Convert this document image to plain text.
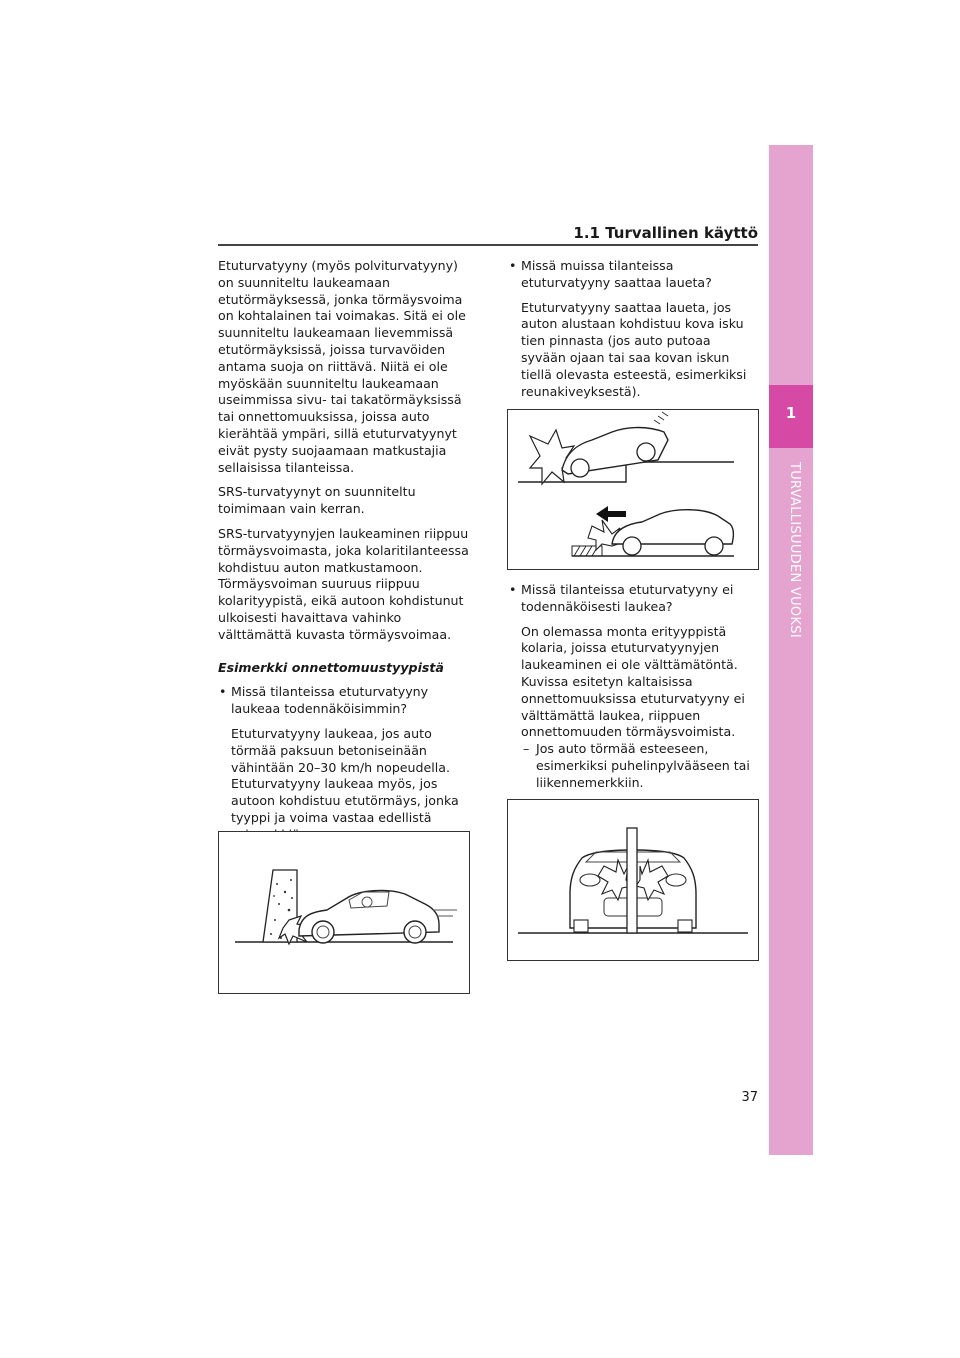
1.1 Turvallinen käyttö
1
TURVALLISUUDEN VUOKSI

Etuturvatyyny (myös polviturvatyyny) on suunniteltu laukeamaan etutörmäyksessä, jonka törmäysvoima on kohtalainen tai voimakas. Sitä ei ole suunniteltu laukeamaan lievemmissä etutörmäyksissä, joissa turvavöiden antama suoja on riittävä. Niitä ei ole myöskään suunniteltu laukeamaan useimmissa sivu- tai takatörmäyksissä tai onnettomuuksissa, joissa auto kierähtää ympäri, sillä etuturvatyynyt eivät pysty suojaamaan matkustajia sellaisissa tilanteissa.

SRS-turvatyynyt on suunniteltu toimimaan vain kerran.

SRS-turvatyynyjen laukeaminen riippuu törmäysvoimasta, joka kolaritilanteessa kohdistuu auton matkustamoon. Törmäysvoiman suuruus riippuu kolarityypistä, eikä autoon kohdistunut ulkoisesti havaittava vahinko välttämättä kuvasta törmäysvoimaa.

Esimerkki onnettomuustyypistä

• Missä tilanteissa etuturvatyyny laukeaa todennäköisimmin?

Etuturvatyyny laukeaa, jos auto törmää paksuun betoniseinään vähintään 20–30 km/h nopeudella. Etuturvatyyny laukeaa myös, jos autoon kohdistuu etutörmäys, jonka tyyppi ja voima vastaa edellistä

• Missä muissa tilanteissa etuturvatyyny saattaa laueta?

Etuturvatyyny saattaa laueta, jos auton alustaan kohdistuu kova isku tien pinnasta (jos auto putoaa syvään ojaan tai saa kovan iskun tiellä olevasta esteestä, esimerkiksi reunakiveyksestä).

• Missä tilanteissa etuturvatyyny ei todennäköisesti laukea?

On olemassa monta erityyppistä kolaria, joissa etuturvatyynyjen laukeaminen ei ole välttämätöntä. Kuvissa esitetyn kaltaisissa onnettomuuksissa etuturvatyyny ei välttämättä laukea, riippuen onnettomuuden törmäysvoimista.

– Jos auto törmää esteeseen, esimerkiksi puhelinpylvääseen tai liikennemerkkiin.
37
